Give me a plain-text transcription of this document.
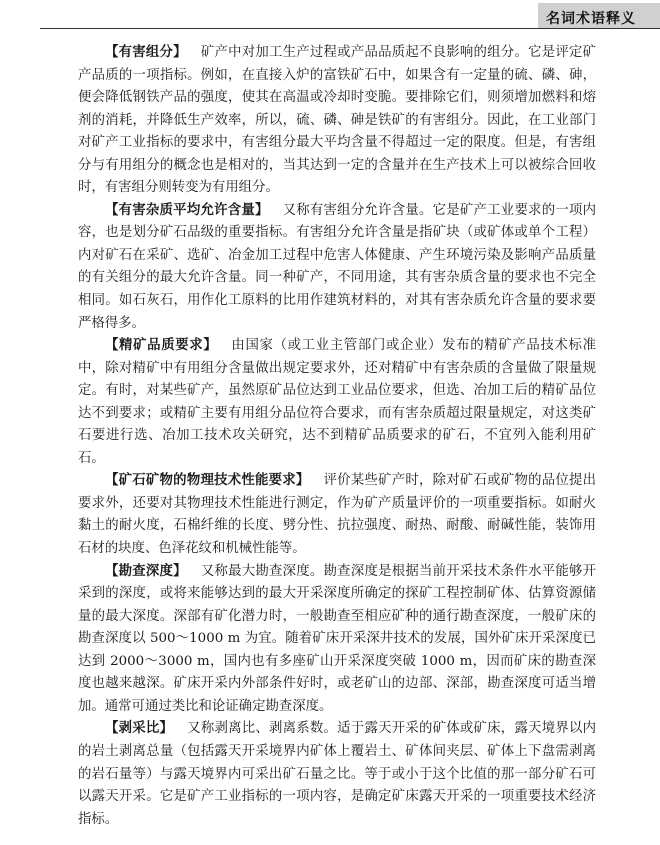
名词术语释义

【有害组分】 矿产中对加工生产过程或产品品质起不良影响的组分。它是评定矿产品质的一项指标。例如，在直接入炉的富铁矿石中，如果含有一定量的硫、磷、砷，便会降低钢铁产品的强度，使其在高温或冷却时变脆。要排除它们，则须增加燃料和熔剂的消耗，并降低生产效率，所以，硫、磷、砷是铁矿的有害组分。因此，在工业部门对矿产工业指标的要求中，有害组分最大平均含量不得超过一定的限度。但是，有害组分与有用组分的概念也是相对的，当其达到一定的含量并在生产技术上可以被综合回收时，有害组分则转变为有用组分。

【有害杂质平均允许含量】 又称有害组分允许含量。它是矿产工业要求的一项内容，也是划分矿石品级的重要指标。有害组分允许含量是指矿块（或矿体或单个工程）内对矿石在采矿、选矿、冶金加工过程中危害人体健康、产生环境污染及影响产品质量的有关组分的最大允许含量。同一种矿产，不同用途，其有害杂质含量的要求也不完全相同。如石灰石，用作化工原料的比用作建筑材料的，对其有害杂质允许含量的要求要严格得多。

【精矿品质要求】 由国家（或工业主管部门或企业）发布的精矿产品技术标准中，除对精矿中有用组分含量做出规定要求外，还对精矿中有害杂质的含量做了限量规定。有时，对某些矿产，虽然原矿品位达到工业品位要求，但选、冶加工后的精矿品位达不到要求；或精矿主要有用组分品位符合要求，而有害杂质超过限量规定，对这类矿石要进行选、冶加工技术攻关研究，达不到精矿品质要求的矿石，不宜列入能利用矿石。

【矿石矿物的物理技术性能要求】 评价某些矿产时，除对矿石或矿物的品位提出要求外，还要对其物理技术性能进行测定，作为矿产质量评价的一项重要指标。如耐火黏土的耐火度，石棉纤维的长度、劈分性、抗拉强度、耐热、耐酸、耐碱性能，装饰用石材的块度、色泽花纹和机械性能等。

【勘查深度】 又称最大勘查深度。勘查深度是根据当前开采技术条件水平能够开采到的深度，或将来能够达到的最大开采深度所确定的探矿工程控制矿体、估算资源储量的最大深度。深部有矿化潜力时，一般勘查至相应矿种的通行勘查深度，一般矿床的勘查深度以 500～1000 m 为宜。随着矿床开采深井技术的发展，国外矿床开采深度已达到 2000～3000 m，国内也有多座矿山开采深度突破 1000 m，因而矿床的勘查深度也越来越深。矿床开采内外部条件好时，或老矿山的边部、深部，勘查深度可适当增加。通常可通过类比和论证确定勘查深度。

【剥采比】 又称剥离比、剥离系数。适于露天开采的矿体或矿床，露天境界以内的岩土剥离总量（包括露天开采境界内矿体上覆岩土、矿体间夹层、矿体上下盘需剥离的岩石量等）与露天境界内可采出矿石量之比。等于或小于这个比值的那一部分矿石可以露天开采。它是矿产工业指标的一项内容，是确定矿床露天开采的一项重要技术经济指标。
